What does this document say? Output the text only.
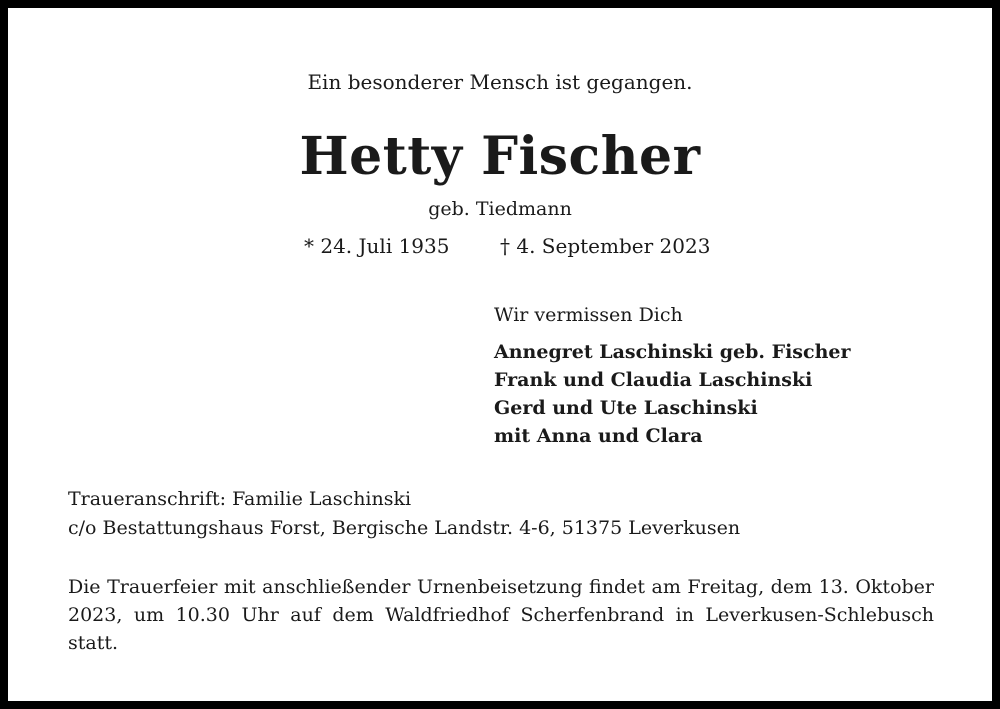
Ein besonderer Mensch ist gegangen.
Hetty Fischer
geb. Tiedmann
* 24. Juli 1935	† 4. September 2023
Wir vermissen Dich
Annegret Laschinski geb. Fischer
Frank und Claudia Laschinski
Gerd und Ute Laschinski
mit Anna und Clara
Traueranschrift: Familie Laschinski
c/o Bestattungshaus Forst, Bergische Landstr. 4-6, 51375 Leverkusen

Die Trauerfeier mit anschließender Urnenbeisetzung findet am Freitag, dem 13. Oktober 2023, um 10.30 Uhr auf dem Waldfriedhof Scherfenbrand in Leverkusen-Schlebusch statt.
